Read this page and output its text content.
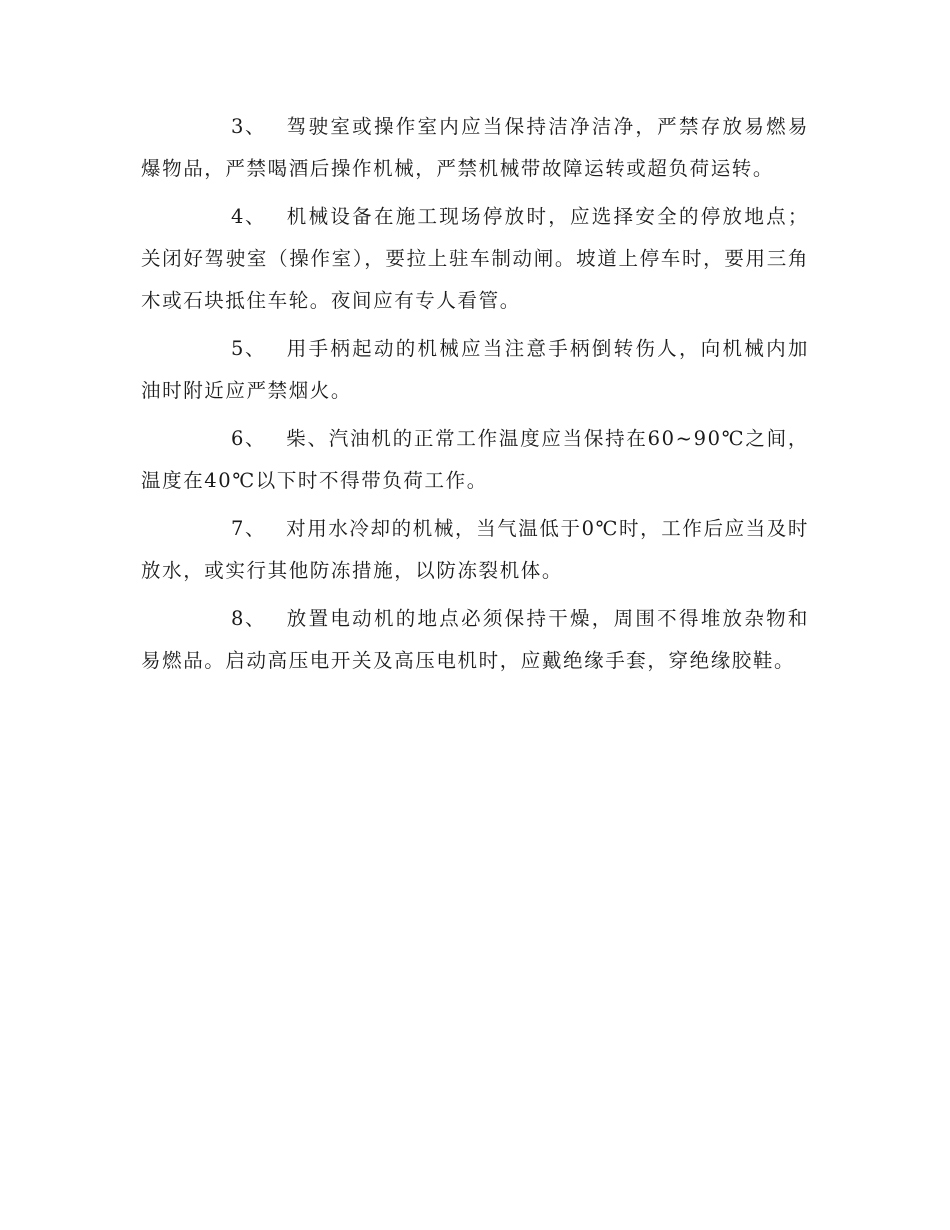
3、 驾驶室或操作室内应当保持洁净洁净，严禁存放易燃易爆物品，严禁喝酒后操作机械，严禁机械带故障运转或超负荷运转。

4、 机械设备在施工现场停放时，应选择安全的停放地点；关闭好驾驶室（操作室），要拉上驻车制动闸。坡道上停车时，要用三角木或石块抵住车轮。夜间应有专人看管。

5、 用手柄起动的机械应当注意手柄倒转伤人，向机械内加油时附近应严禁烟火。

6、 柴、汽油机的正常工作温度应当保持在60~90℃之间，温度在40℃以下时不得带负荷工作。

7、 对用水冷却的机械，当气温低于0℃时，工作后应当及时放水，或实行其他防冻措施，以防冻裂机体。

8、 放置电动机的地点必须保持干燥，周围不得堆放杂物和易燃品。启动高压电开关及高压电机时，应戴绝缘手套，穿绝缘胶鞋。
